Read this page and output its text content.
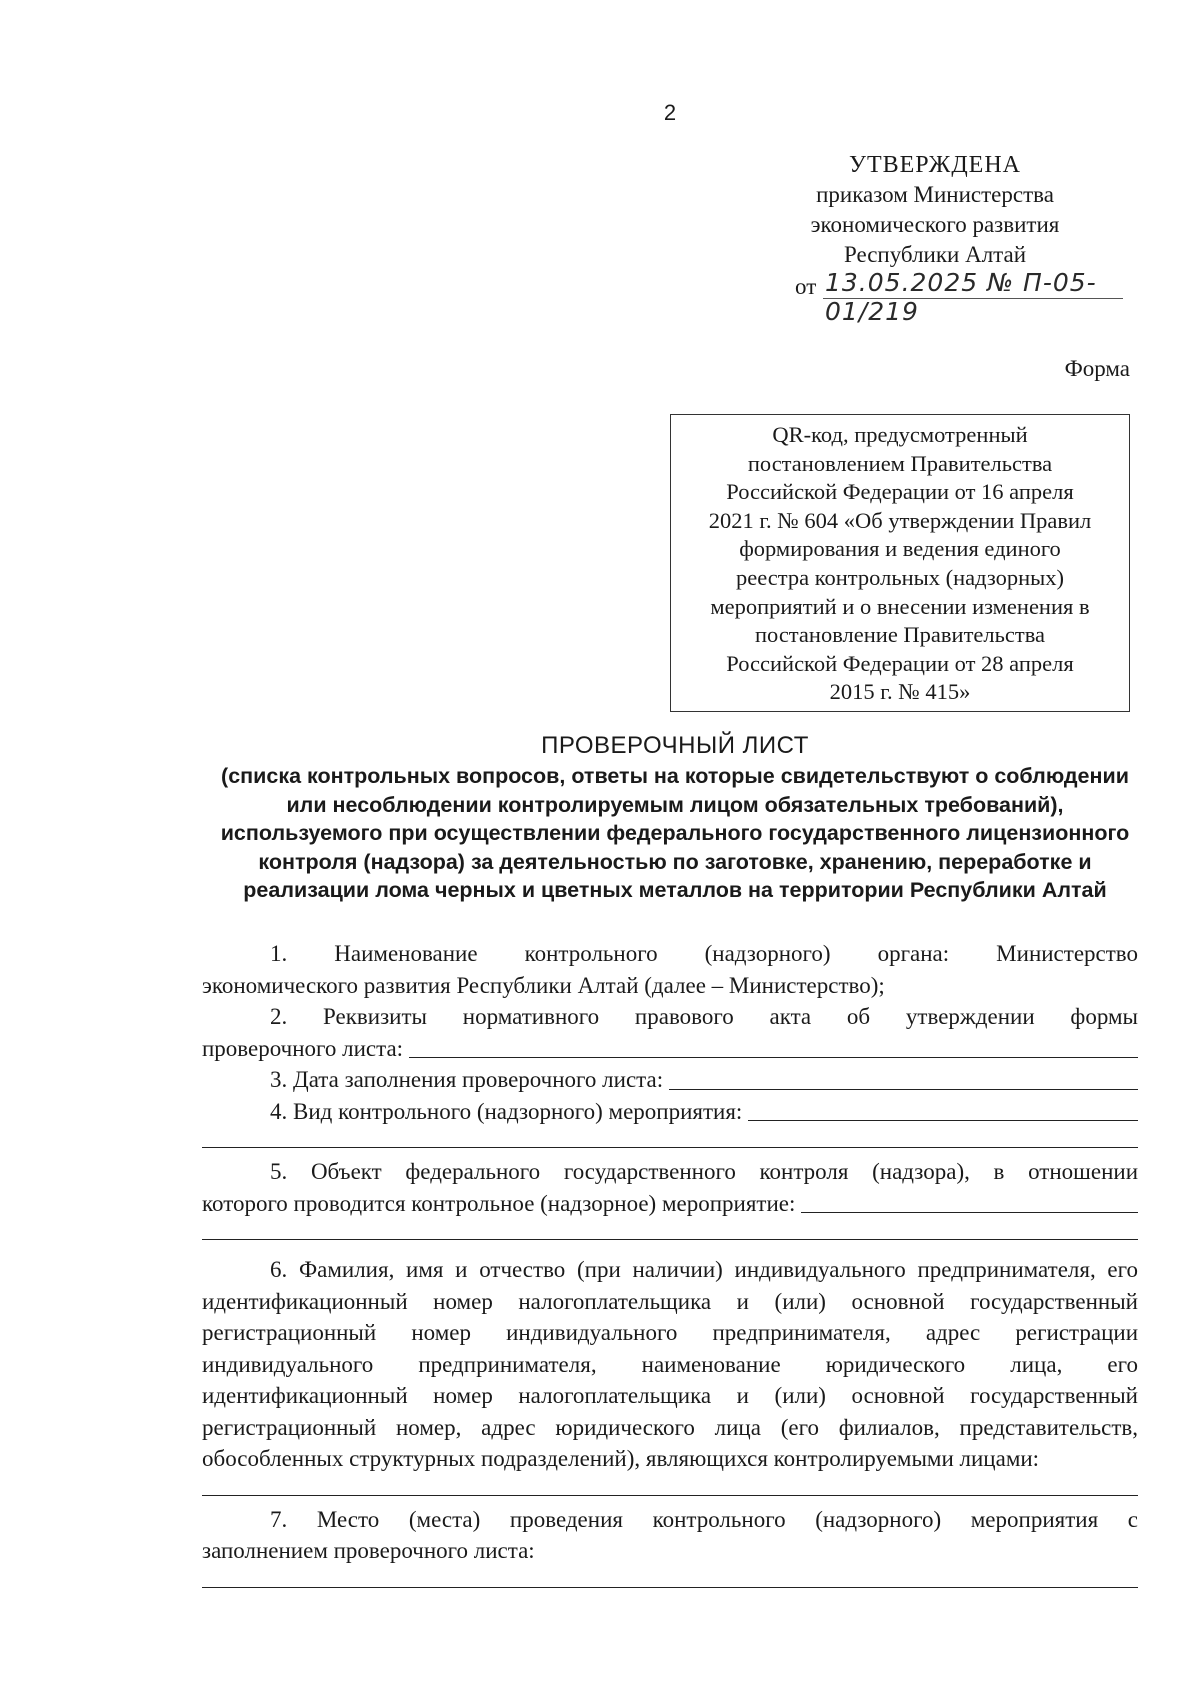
2
УТВЕРЖДЕНА
приказом Министерства
экономического развития
Республики Алтай
от 13.05.2025 № П-05-01/219
Форма
QR-код, предусмотренный
постановлением Правительства
Российской Федерации от 16 апреля
2021 г. № 604 «Об утверждении Правил
формирования и ведения единого
реестра контрольных (надзорных)
мероприятий и о внесении изменения в
постановление Правительства
Российской Федерации от 28 апреля
2015 г. № 415»
ПРОВЕРОЧНЫЙ ЛИСТ
(списка контрольных вопросов, ответы на которые свидетельствуют о соблюдении
или несоблюдении контролируемым лицом обязательных требований),
используемого при осуществлении федерального государственного лицензионного
контроля (надзора) за деятельностью по заготовке, хранению, переработке и
реализации лома черных и цветных металлов на территории Республики Алтай
1. Наименование контрольного (надзорного) органа: Министерство
экономического развития Республики Алтай (далее – Министерство);
2. Реквизиты нормативного правового акта об утверждении формы
проверочного листа:
3. Дата заполнения проверочного листа:
4. Вид контрольного (надзорного) мероприятия:
5. Объект федерального государственного контроля (надзора), в отношении
которого проводится контрольное (надзорное) мероприятие:
6. Фамилия, имя и отчество (при наличии) индивидуального предпринимателя, его идентификационный номер налогоплательщика и (или) основной государственный регистрационный номер индивидуального предпринимателя, адрес регистрации индивидуального предпринимателя, наименование юридического лица, его идентификационный номер налогоплательщика и (или) основной государственный регистрационный номер, адрес юридического лица (его филиалов, представительств, обособленных структурных подразделений), являющихся контролируемыми лицами:
7. Место (места) проведения контрольного (надзорного) мероприятия с
заполнением проверочного листа:
